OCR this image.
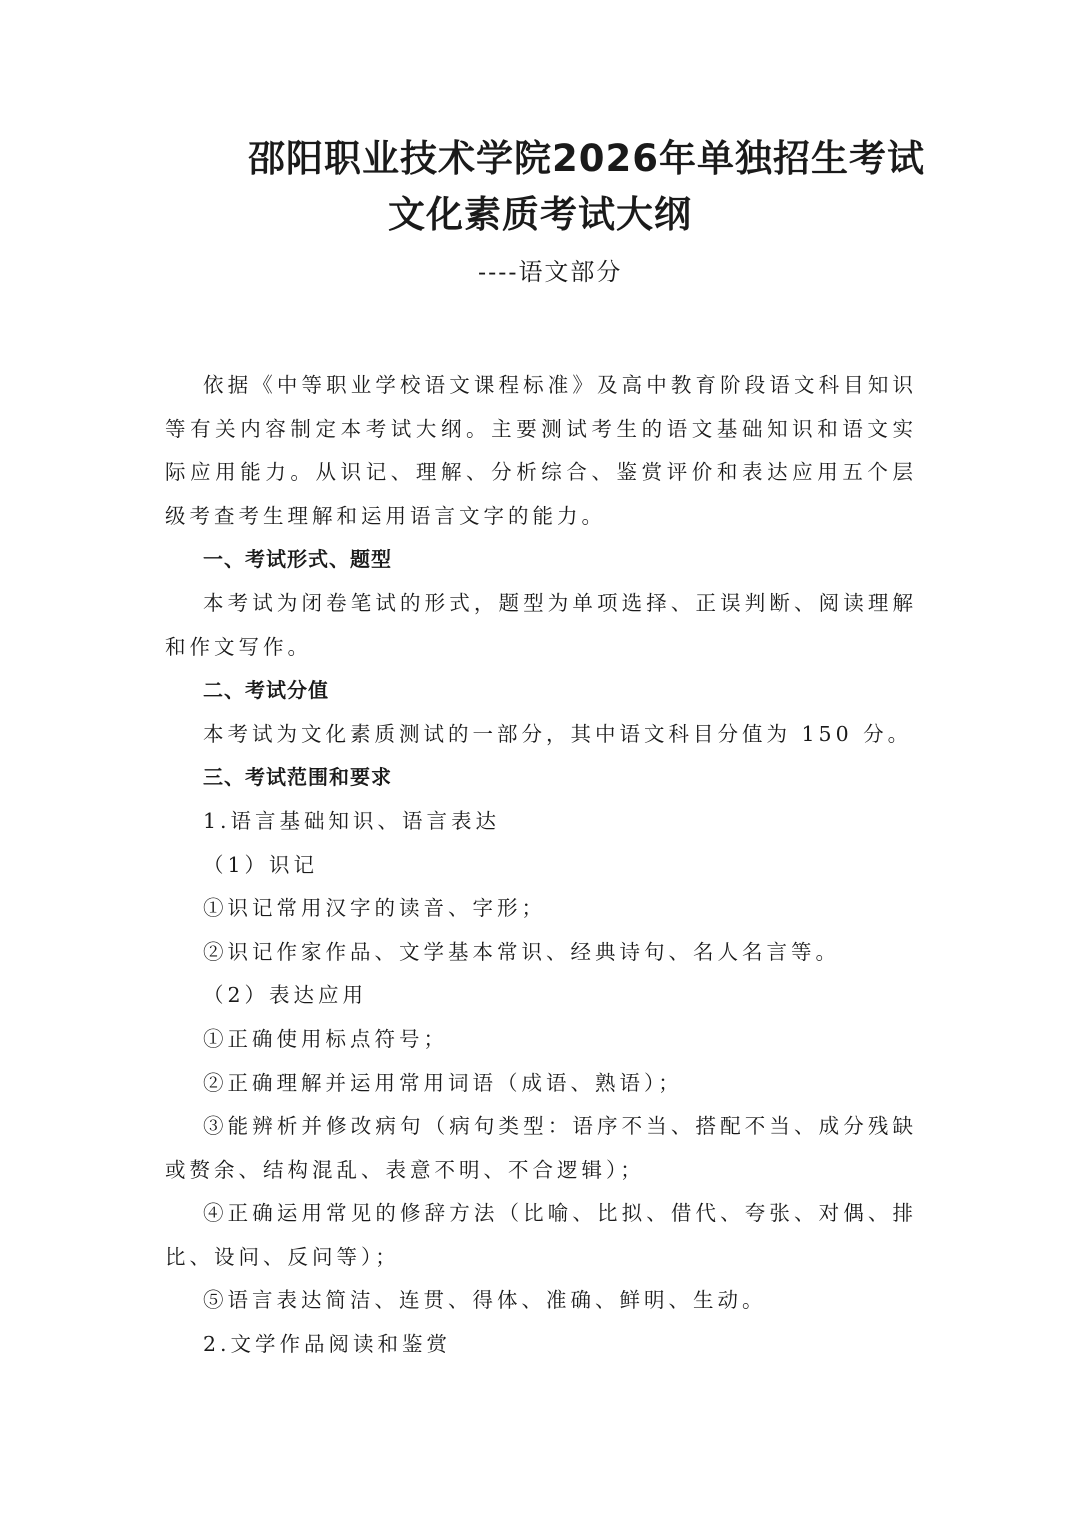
邵阳职业技术学院2026年单独招生考试
文化素质考试大纲

----语文部分

依据《中等职业学校语文课程标准》及高中教育阶段语文科目知识等有关内容制定本考试大纲。主要测试考生的语文基础知识和语文实际应用能力。从识记、理解、分析综合、鉴赏评价和表达应用五个层级考查考生理解和运用语言文字的能力。

一、考试形式、题型

本考试为闭卷笔试的形式，题型为单项选择、正误判断、阅读理解和作文写作。

二、考试分值

本考试为文化素质测试的一部分，其中语文科目分值为 150 分。

三、考试范围和要求

1.语言基础知识、语言表达

（1）识记

①识记常用汉字的读音、字形；

②识记作家作品、文学基本常识、经典诗句、名人名言等。

（2）表达应用

①正确使用标点符号；

②正确理解并运用常用词语（成语、熟语）；

③能辨析并修改病句（病句类型：语序不当、搭配不当、成分残缺或赘余、结构混乱、表意不明、不合逻辑）；

④正确运用常见的修辞方法（比喻、比拟、借代、夸张、对偶、排比、设问、反问等）；

⑤语言表达简洁、连贯、得体、准确、鲜明、生动。

2.文学作品阅读和鉴赏
